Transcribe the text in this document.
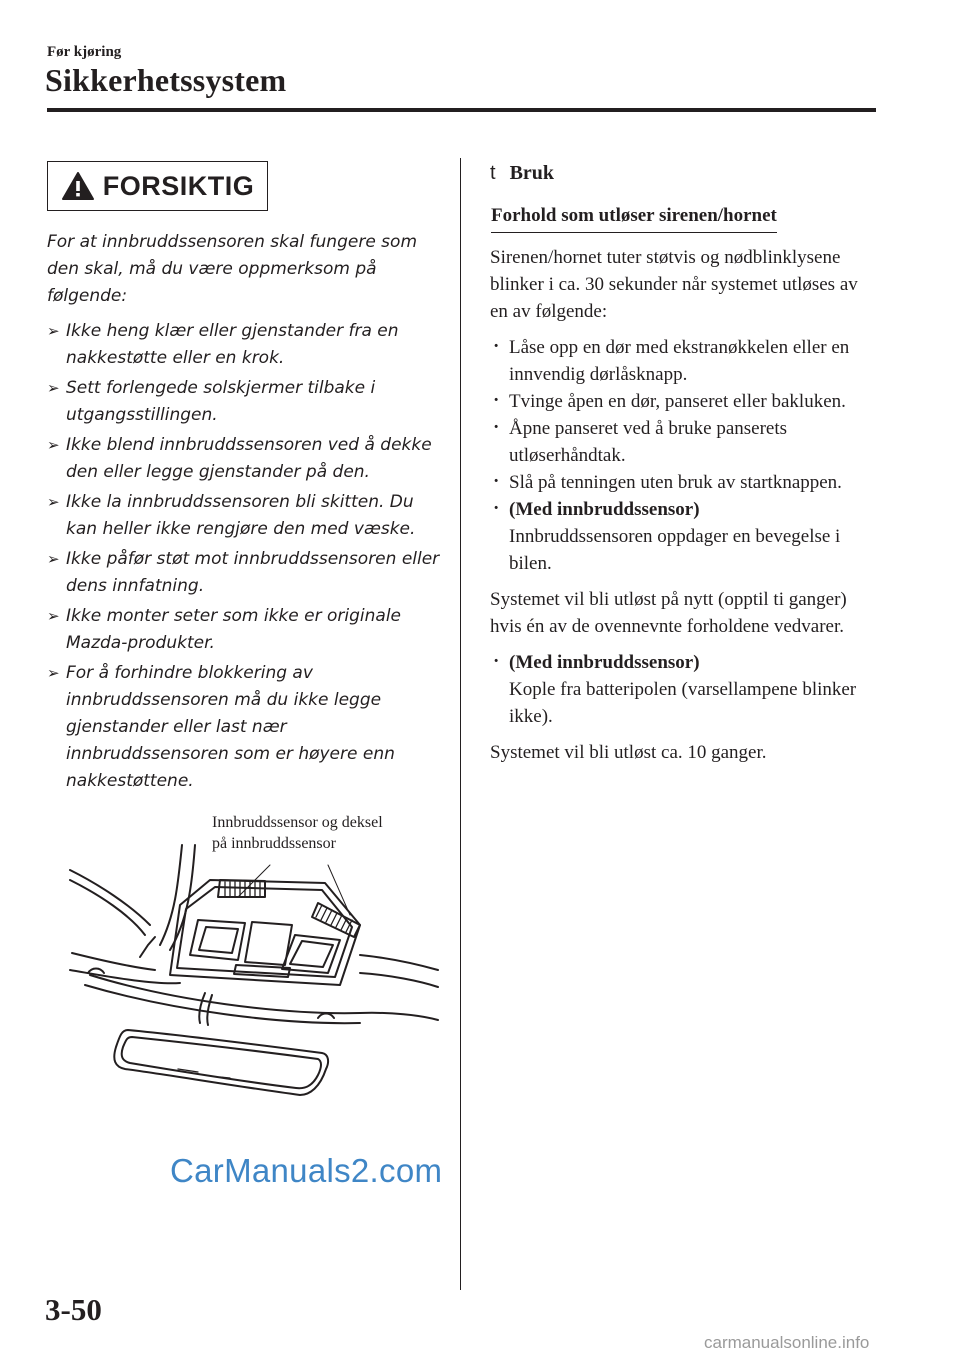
Før kjøring
Sikkerhetssystem
FORSIKTIG
For at innbruddssensoren skal fungere som den skal, må du være oppmerksom på følgende:
➢ Ikke heng klær eller gjenstander fra en nakkestøtte eller en krok.
➢ Sett forlengede solskjermer tilbake i utgangsstillingen.
➢ Ikke blend innbruddssensoren ved å dekke den eller legge gjenstander på den.
➢ Ikke la innbruddssensoren bli skitten. Du kan heller ikke rengjøre den med væske.
➢ Ikke påfør støt mot innbruddssensoren eller dens innfatning.
➢ Ikke monter seter som ikke er originale Mazda-produkter.
➢ For å forhindre blokkering av innbruddssensoren må du ikke legge gjenstander eller last nær innbruddssensoren som er høyere enn nakkestøttene.
Innbruddssensor og deksel
på innbruddssensor
CarManuals2.com
t Bruk
Forhold som utløser sirenen/hornet

Sirenen/hornet tuter støtvis og nødblinklysene blinker i ca. 30 sekunder når systemet utløses av en av følgende:

· Låse opp en dør med ekstranøkkelen eller en innvendig dørlåsknapp.
· Tvinge åpen en dør, panseret eller bakluken.
· Åpne panseret ved å bruke panserets utløserhåndtak.
· Slå på tenningen uten bruk av startknappen.
· (Med innbruddssensor)
Innbruddssensoren oppdager en bevegelse i bilen.

Systemet vil bli utløst på nytt (opptil ti ganger) hvis én av de ovennevnte forholdene vedvarer.

· (Med innbruddssensor)
Kople fra batteripolen (varsellampene blinker ikke).

Systemet vil bli utløst ca. 10 ganger.

3-50
carmanualsonline.info
